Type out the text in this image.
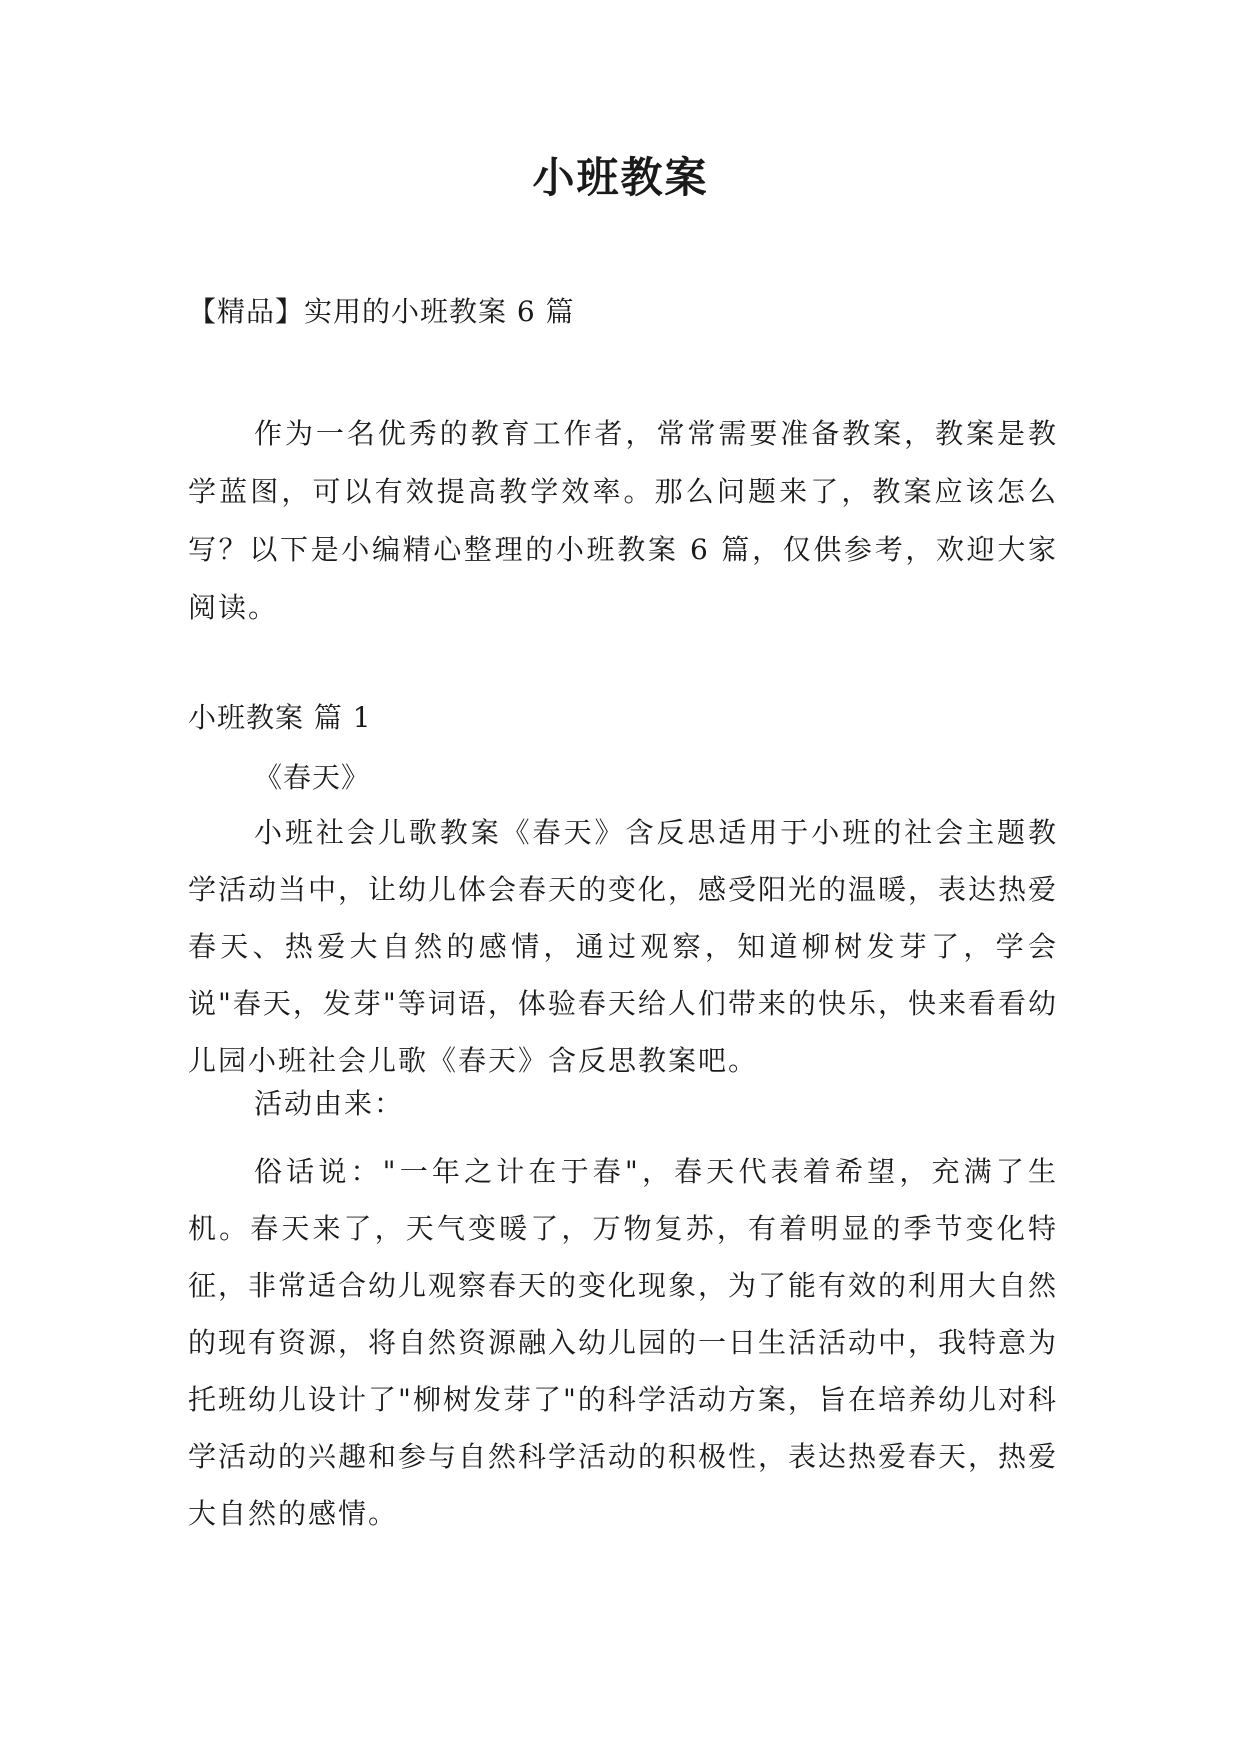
小班教案

【精品】实用的小班教案 6 篇

作为一名优秀的教育工作者，常常需要准备教案，教案是教学蓝图，可以有效提高教学效率。那么问题来了，教案应该怎么写？以下是小编精心整理的小班教案 6 篇，仅供参考，欢迎大家阅读。

小班教案 篇 1

《春天》

小班社会儿歌教案《春天》含反思适用于小班的社会主题教学活动当中，让幼儿体会春天的变化，感受阳光的温暖，表达热爱春天、热爱大自然的感情，通过观察，知道柳树发芽了，学会说"春天，发芽"等词语，体验春天给人们带来的快乐，快来看看幼儿园小班社会儿歌《春天》含反思教案吧。

活动由来：

俗话说："一年之计在于春"，春天代表着希望，充满了生机。春天来了，天气变暖了，万物复苏，有着明显的季节变化特征，非常适合幼儿观察春天的变化现象，为了能有效的利用大自然的现有资源，将自然资源融入幼儿园的一日生活活动中，我特意为托班幼儿设计了"柳树发芽了"的科学活动方案，旨在培养幼儿对科学活动的兴趣和参与自然科学活动的积极性，表达热爱春天，热爱大自然的感情。
